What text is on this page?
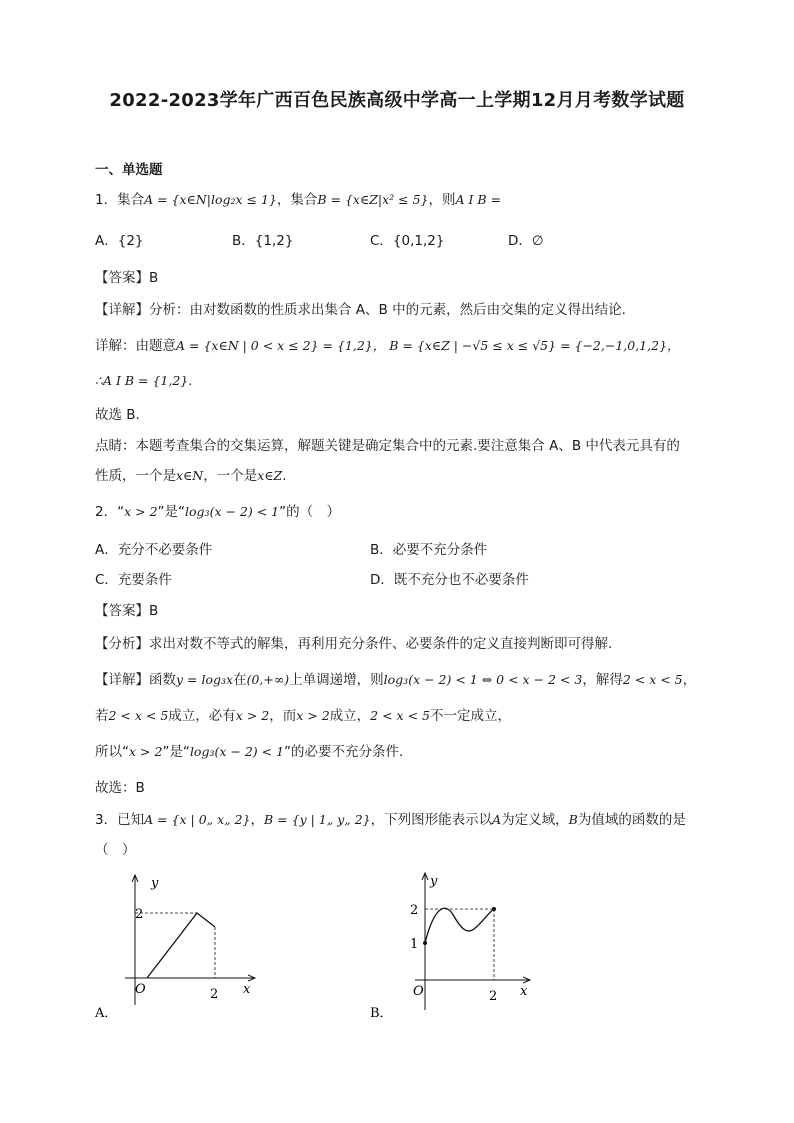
2022-2023学年广西百色民族高级中学高一上学期12月月考数学试题
一、单选题
1．集合A = {x∈N|log₂x ≤ 1}，集合B = {x∈Z|x² ≤ 5}，则A I B =
A．{2}	B．{1,2}	C．{0,1,2}	D．∅
【答案】B
【详解】分析：由对数函数的性质求出集合 A、B 中的元素，然后由交集的定义得出结论.
详解：由题意A = {x∈N | 0 < x ≤ 2} = {1,2}， B = {x∈Z | −√5 ≤ x ≤ √5} = {−2,−1,0,1,2}，
∴A I B = {1,2}.
故选 B.
点睛：本题考查集合的交集运算，解题关键是确定集合中的元素.要注意集合 A、B 中代表元具有的
性质，一个是x∈N，一个是x∈Z.
2．“x > 2”是“log₃(x − 2) < 1”的（　）
A．充分不必要条件	B．必要不充分条件
C．充要条件	D．既不充分也不必要条件
【答案】B
【分析】求出对数不等式的解集，再利用充分条件、必要条件的定义直接判断即可得解.
【详解】函数y = log₃x在(0,+∞)上单调递增，则log₃(x − 2) < 1 ⇔ 0 < x − 2 < 3，解得2 < x < 5，
若2 < x < 5成立，必有x > 2，而x > 2成立，2 < x < 5不一定成立，
所以“x > 2”是“log₃(x − 2) < 1”的必要不充分条件.
故选：B
3．已知A = {x | 0„ x„ 2}，B = {y | 1„ y„ 2}，下列图形能表示以A为定义域，B为值域的函数的是
（　）
y
x
O
2
2
A．
y
x
O
2
1
2
B．
